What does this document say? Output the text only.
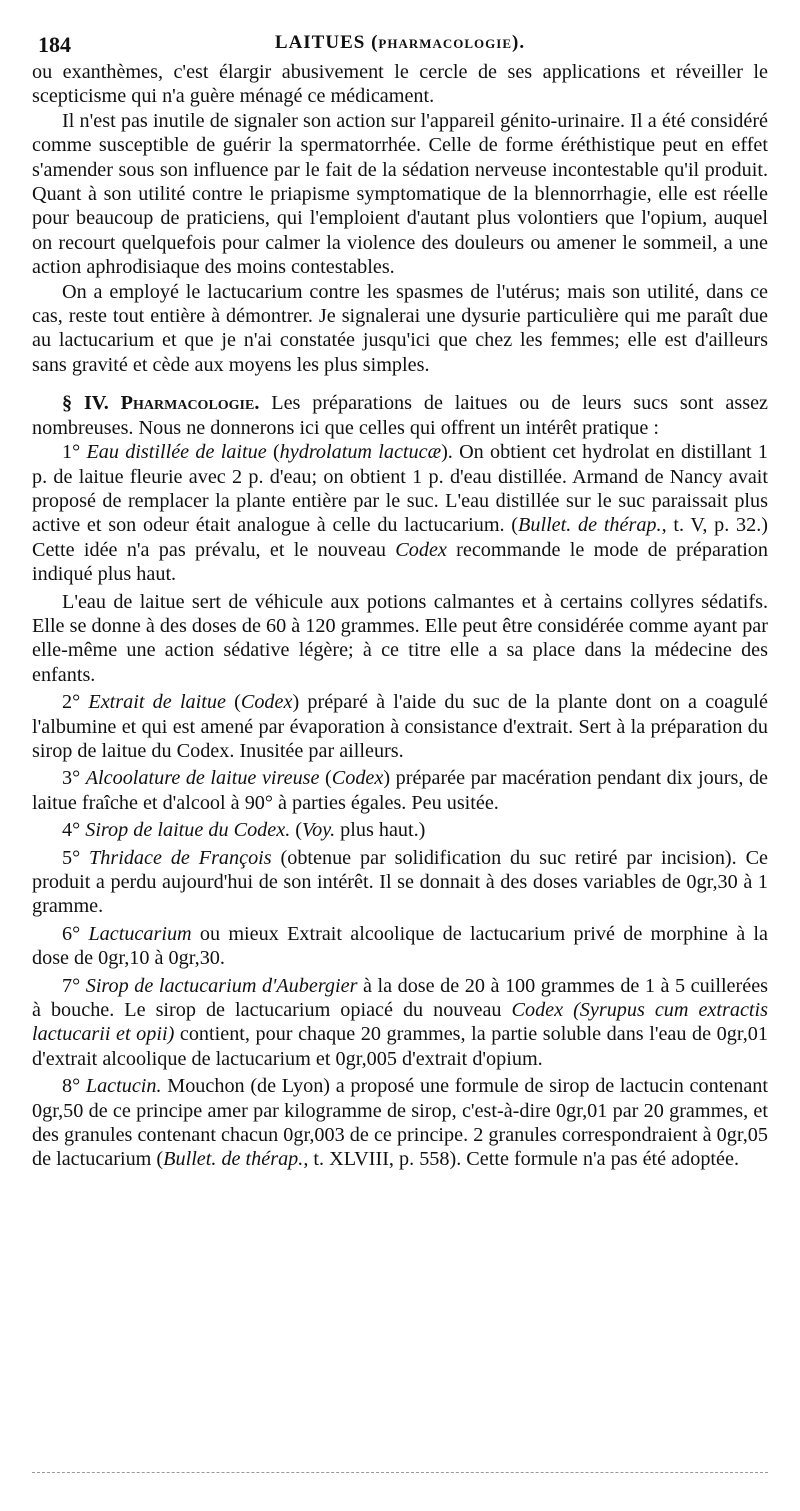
184	LAITUES (PHARMACOLOGIE).

ou exanthèmes, c'est élargir abusivement le cercle de ses applications et réveiller le scepticisme qui n'a guère ménagé ce médicament.

Il n'est pas inutile de signaler son action sur l'appareil génito-urinaire. Il a été considéré comme susceptible de guérir la spermatorrhée. Celle de forme éréthistique peut en effet s'amender sous son influence par le fait de la sédation nerveuse incontestable qu'il produit. Quant à son utilité contre le priapisme symptomatique de la blennorrhagie, elle est réelle pour beaucoup de praticiens, qui l'emploient d'autant plus volontiers que l'opium, auquel on recourt quelquefois pour calmer la violence des douleurs ou amener le sommeil, a une action aphrodisiaque des moins contestables.

On a employé le lactucarium contre les spasmes de l'utérus; mais son utilité, dans ce cas, reste tout entière à démontrer. Je signalerai une dysurie particulière qui me paraît due au lactucarium et que je n'ai constatée jusqu'ici que chez les femmes; elle est d'ailleurs sans gravité et cède aux moyens les plus simples.

§ IV. Pharmacologie. Les préparations de laitues ou de leurs sucs sont assez nombreuses. Nous ne donnerons ici que celles qui offrent un intérêt pratique :

1° Eau distillée de laitue (hydrolatum lactucæ). On obtient cet hydrolat en distillant 1 p. de laitue fleurie avec 2 p. d'eau; on obtient 1 p. d'eau distillée. Armand de Nancy avait proposé de remplacer la plante entière par le suc. L'eau distillée sur le suc paraissait plus active et son odeur était analogue à celle du lactucarium. (Bullet. de thérap., t. V, p. 32.) Cette idée n'a pas prévalu, et le nouveau Codex recommande le mode de préparation indiqué plus haut.

L'eau de laitue sert de véhicule aux potions calmantes et à certains collyres sédatifs. Elle se donne à des doses de 60 à 120 grammes. Elle peut être considérée comme ayant par elle-même une action sédative légère; à ce titre elle a sa place dans la médecine des enfants.

2° Extrait de laitue (Codex) préparé à l'aide du suc de la plante dont on a coagulé l'albumine et qui est amené par évaporation à consistance d'extrait. Sert à la préparation du sirop de laitue du Codex. Inusitée par ailleurs.

3° Alcoolature de laitue vireuse (Codex) préparée par macération pendant dix jours, de laitue fraîche et d'alcool à 90° à parties égales. Peu usitée.

4° Sirop de laitue du Codex. (Voy. plus haut.)

5° Thridace de François (obtenue par solidification du suc retiré par incision). Ce produit a perdu aujourd'hui de son intérêt. Il se donnait à des doses variables de 0gr,30 à 1 gramme.

6° Lactucarium ou mieux Extrait alcoolique de lactucarium privé de morphine à la dose de 0gr,10 à 0gr,30.

7° Sirop de lactucarium d'Aubergier à la dose de 20 à 100 grammes de 1 à 5 cuillerées à bouche. Le sirop de lactucarium opiacé du nouveau Codex (Syrupus cum extractis lactucarii et opii) contient, pour chaque 20 grammes, la partie soluble dans l'eau de 0gr,01 d'extrait alcoolique de lactucarium et 0gr,005 d'extrait d'opium.

8° Lactucin. Mouchon (de Lyon) a proposé une formule de sirop de lactucin contenant 0gr,50 de ce principe amer par kilogramme de sirop, c'est-à-dire 0gr,01 par 20 grammes, et des granules contenant chacun 0gr,003 de ce principe. 2 granules correspondraient à 0gr,05 de lactucarium (Bullet. de thérap., t. XLVIII, p. 558). Cette formule n'a pas été adoptée.
